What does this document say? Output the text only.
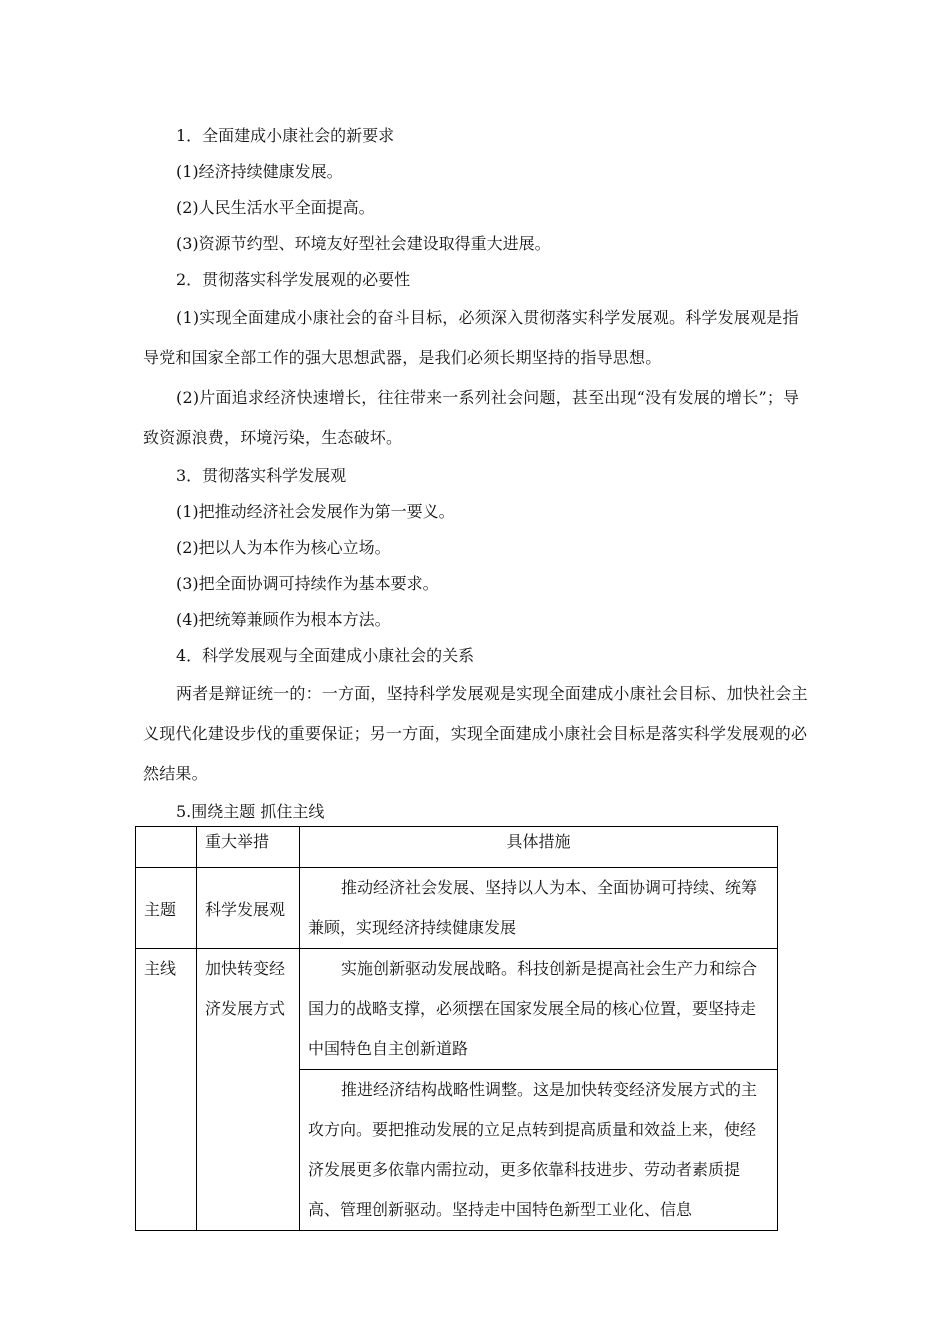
1．全面建成小康社会的新要求

(1)经济持续健康发展。

(2)人民生活水平全面提高。

(3)资源节约型、环境友好型社会建设取得重大进展。

2．贯彻落实科学发展观的必要性

(1)实现全面建成小康社会的奋斗目标，必须深入贯彻落实科学发展观。科学发展观是指导党和国家全部工作的强大思想武器，是我们必须长期坚持的指导思想。

(2)片面追求经济快速增长，往往带来一系列社会问题，甚至出现“没有发展的增长”；导致资源浪费，环境污染，生态破坏。

3．贯彻落实科学发展观

(1)把推动经济社会发展作为第一要义。

(2)把以人为本作为核心立场。

(3)把全面协调可持续作为基本要求。

(4)把统筹兼顾作为根本方法。

4．科学发展观与全面建成小康社会的关系

两者是辩证统一的：一方面，坚持科学发展观是实现全面建成小康社会目标、加快社会主义现代化建设步伐的重要保证；另一方面，实现全面建成小康社会目标是落实科学发展观的必然结果。

5.围绕主题 抓住主线

	重大举措	具体措施
主题	科学发展观	推动经济社会发展、坚持以人为本、全面协调可持续、统筹兼顾，实现经济持续健康发展

主线	加快转变经济发展方式	实施创新驱动发展战略。科技创新是提高社会生产力和综合国力的战略支撑，必须摆在国家发展全局的核心位置，要坚持走中国特色自主创新道路

		推进经济结构战略性调整。这是加快转变经济发展方式的主攻方向。要把推动发展的立足点转到提高质量和效益上来，使经济发展更多依靠内需拉动，更多依靠科技进步、劳动者素质提高、管理创新驱动。坚持走中国特色新型工业化、信息
